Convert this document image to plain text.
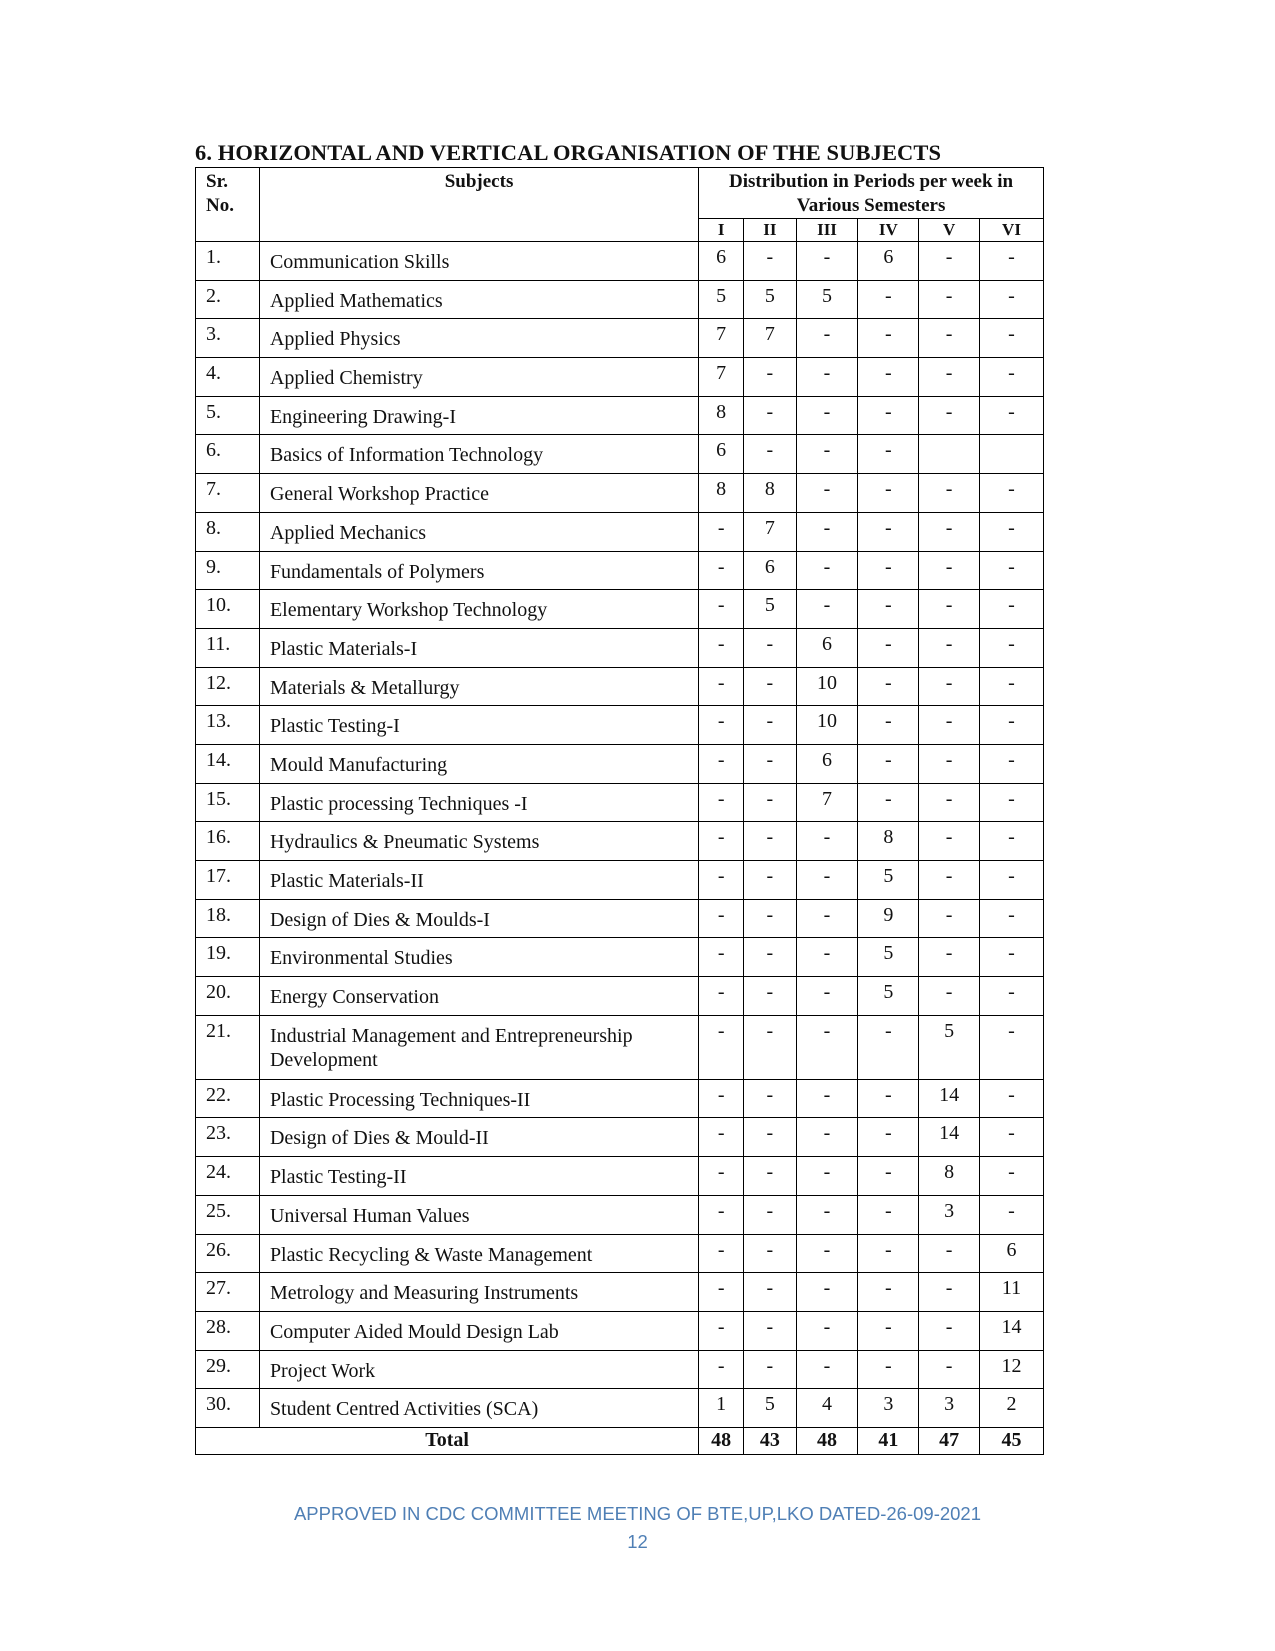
6. HORIZONTAL AND VERTICAL ORGANISATION OF THE SUBJECTS
Sr. No.	Subjects	Distribution in Periods per week in Various Semesters					
		I	II	III	IV	V	VI
1.	Communication Skills	6	-	-	6	-	-
2.	Applied Mathematics	5	5	5	-	-	-
3.	Applied Physics	7	7	-	-	-	-
4.	Applied Chemistry	7	-	-	-	-	-
5.	Engineering Drawing-I	8	-	-	-	-	-
6.	Basics of Information Technology	6	-	-	-		
7.	General Workshop Practice	8	8	-	-	-	-
8.	Applied Mechanics	-	7	-	-	-	-
9.	Fundamentals of Polymers	-	6	-	-	-	-
10.	Elementary Workshop Technology	-	5	-	-	-	-
11.	Plastic Materials-I	-	-	6	-	-	-
12.	Materials & Metallurgy	-	-	10	-	-	-
13.	Plastic Testing-I	-	-	10	-	-	-
14.	Mould Manufacturing	-	-	6	-	-	-
15.	Plastic processing Techniques -I	-	-	7	-	-	-
16.	Hydraulics & Pneumatic Systems	-	-	-	8	-	-
17.	Plastic Materials-II	-	-	-	5	-	-
18.	Design of Dies & Moulds-I	-	-	-	9	-	-
19.	Environmental Studies	-	-	-	5	-	-
20.	Energy Conservation	-	-	-	5	-	-
21.	Industrial Management and Entrepreneurship Development	-	-	-	-	5	-
22.	Plastic Processing Techniques-II	-	-	-	-	14	-
23.	Design of Dies & Mould-II	-	-	-	-	14	-
24.	Plastic Testing-II	-	-	-	-	8	-
25.	Universal Human Values	-	-	-	-	3	-
26.	Plastic Recycling & Waste Management	-	-	-	-	-	6
27.	Metrology and Measuring Instruments	-	-	-	-	-	11
28.	Computer Aided Mould Design Lab	-	-	-	-	-	14
29.	Project Work	-	-	-	-	-	12
30.	Student Centred Activities (SCA)	1	5	4	3	3	2
Total		48	43	48	41	47	45
APPROVED IN CDC COMMITTEE MEETING OF BTE,UP,LKO DATED-26-09-2021
12
